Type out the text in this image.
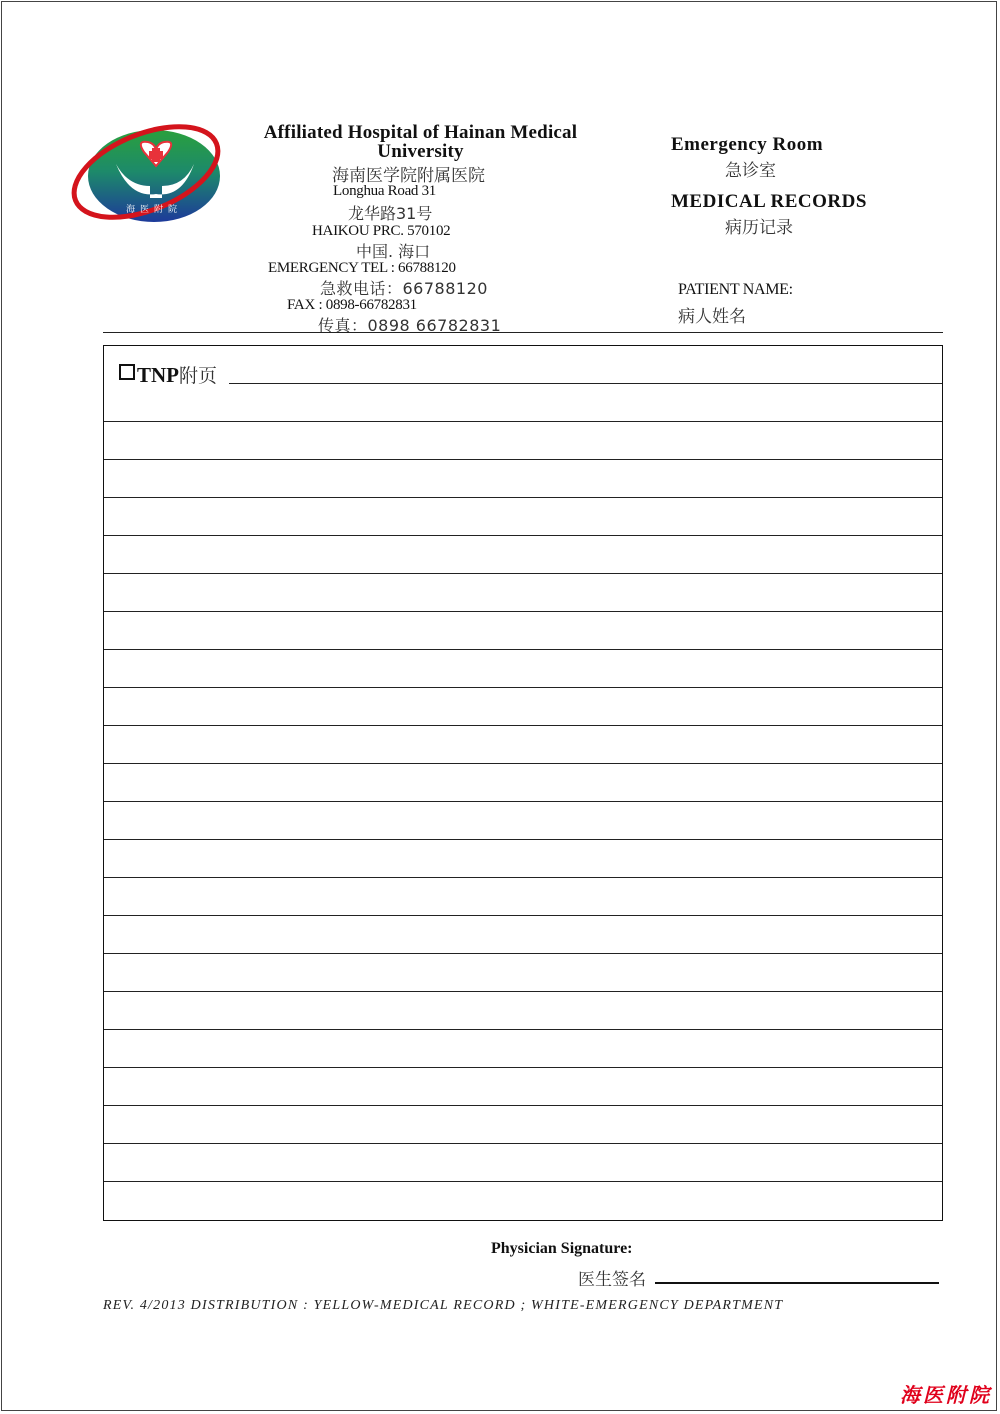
海医附院
Affiliated Hospital of Hainan Medical University
海南医学院附属医院
Longhua Road 31
龙华路31号
HAIKOU PRC. 570102
中国. 海口
EMERGENCY TEL : 66788120
急救电话：66788120
FAX : 0898-66782831
传真：0898 66782831
Emergency Room
急诊室
MEDICAL RECORDS
病历记录
PATIENT NAME:
病人姓名
TNP附页
Physician Signature:
医生签名
REV. 4/2013 DISTRIBUTION : YELLOW-MEDICAL RECORD ; WHITE-EMERGENCY DEPARTMENT
海医附院
